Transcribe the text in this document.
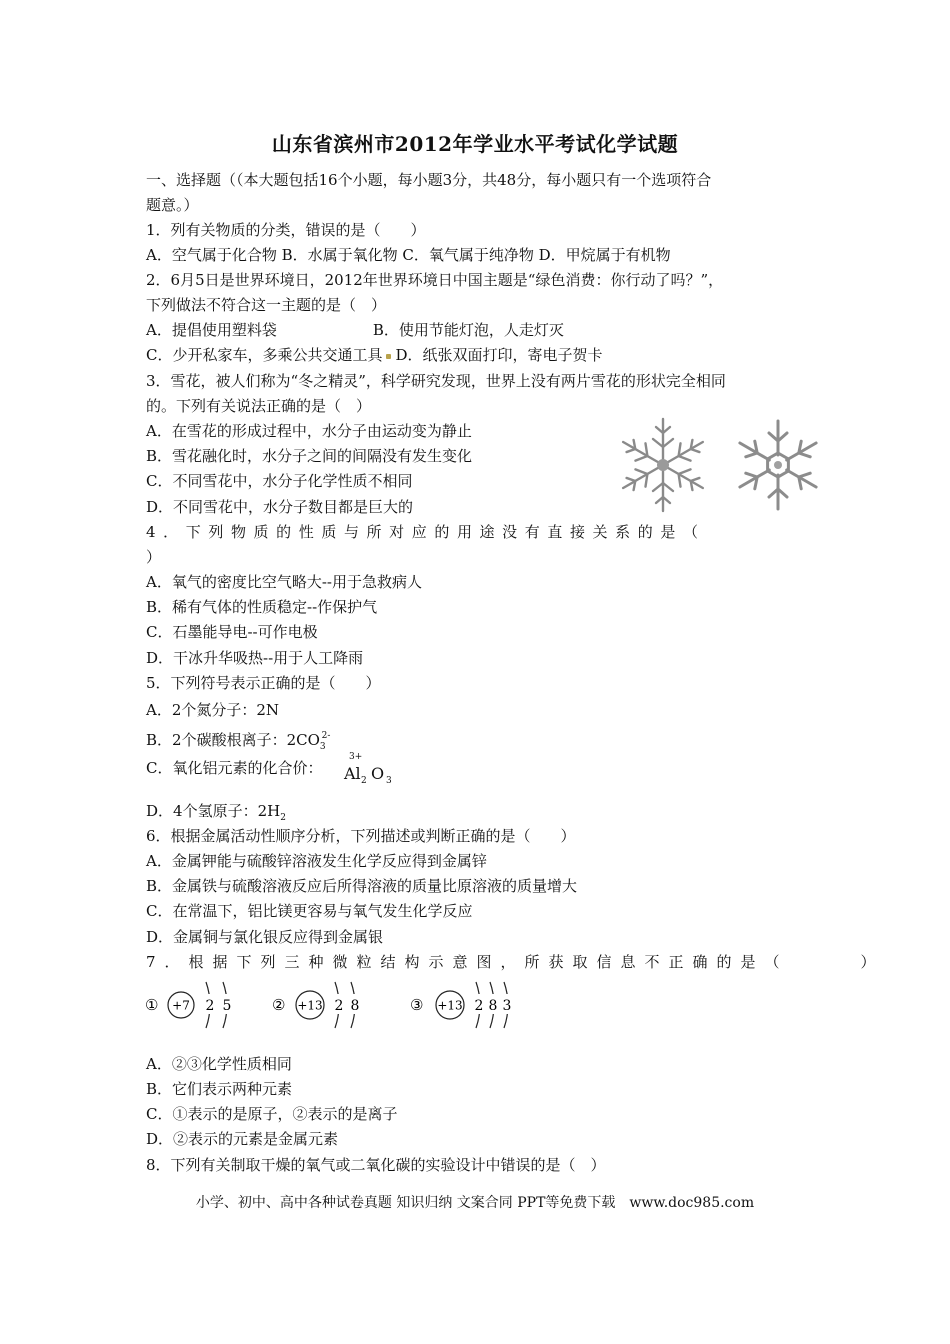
山东省滨州市2012年学业水平考试化学试题
一、选择题（（本大题包括16个小题，每小题3分，共48分，每小题只有一个选项符合
题意。）
1．列有关物质的分类，错误的是（　　）
A．空气属于化合物 B．水属于氧化物 C．氧气属于纯净物 D．甲烷属于有机物
2．6月5日是世界环境日，2012年世界环境日中国主题是“绿色消费：你行动了吗？”，
下列做法不符合这一主题的是（　）
A．提倡使用塑料袋	B．使用节能灯泡，人走灯灭
C．少开私家车，多乘公共交通工具 D．纸张双面打印，寄电子贺卡
3．雪花，被人们称为“冬之精灵”，科学研究发现，世界上没有两片雪花的形状完全相同
的。下列有关说法正确的是（　）
A．在雪花的形成过程中，水分子由运动变为静止
B．雪花融化时，水分子之间的间隔没有发生变化
C．不同雪花中，水分子化学性质不相同
D．不同雪花中，水分子数目都是巨大的
4．下列物质的性质与所对应的用途没有直接关系的是（
）
A．氧气的密度比空气略大--用于急救病人
B．稀有气体的性质稳定--作保护气
C．石墨能导电--可作电极
D．干冰升华吸热--用于人工降雨
5．下列符号表示正确的是（　　）
A．2个氮分子：2N
B．2个碳酸根离子：$2CO_3^{2-}$
C．氧化铝元素的化合价：
3+
Al 2 O 3
D．4个氢原子：$2H_2$
6．根据金属活动性顺序分析，下列描述或判断正确的是（　　）
A．金属钾能与硫酸锌溶液发生化学反应得到金属锌
B．金属铁与硫酸溶液反应后所得溶液的质量比原溶液的质量增大
C．在常温下，铝比镁更容易与氧气发生化学反应
D．金属铜与氯化银反应得到金属银
7．根据下列三种微粒结构示意图，所获取信息不正确的是（　　　）
① +7 2 5	② +13 2 8	③ +13 2 8 3
A．②③化学性质相同
B．它们表示两种元素
C．①表示的是原子，②表示的是离子
D．②表示的元素是金属元素
8．下列有关制取干燥的氧气或二氧化碳的实验设计中错误的是（　）
小学、初中、高中各种试卷真题 知识归纳 文案合同 PPT等免费下载　www.doc985.com
